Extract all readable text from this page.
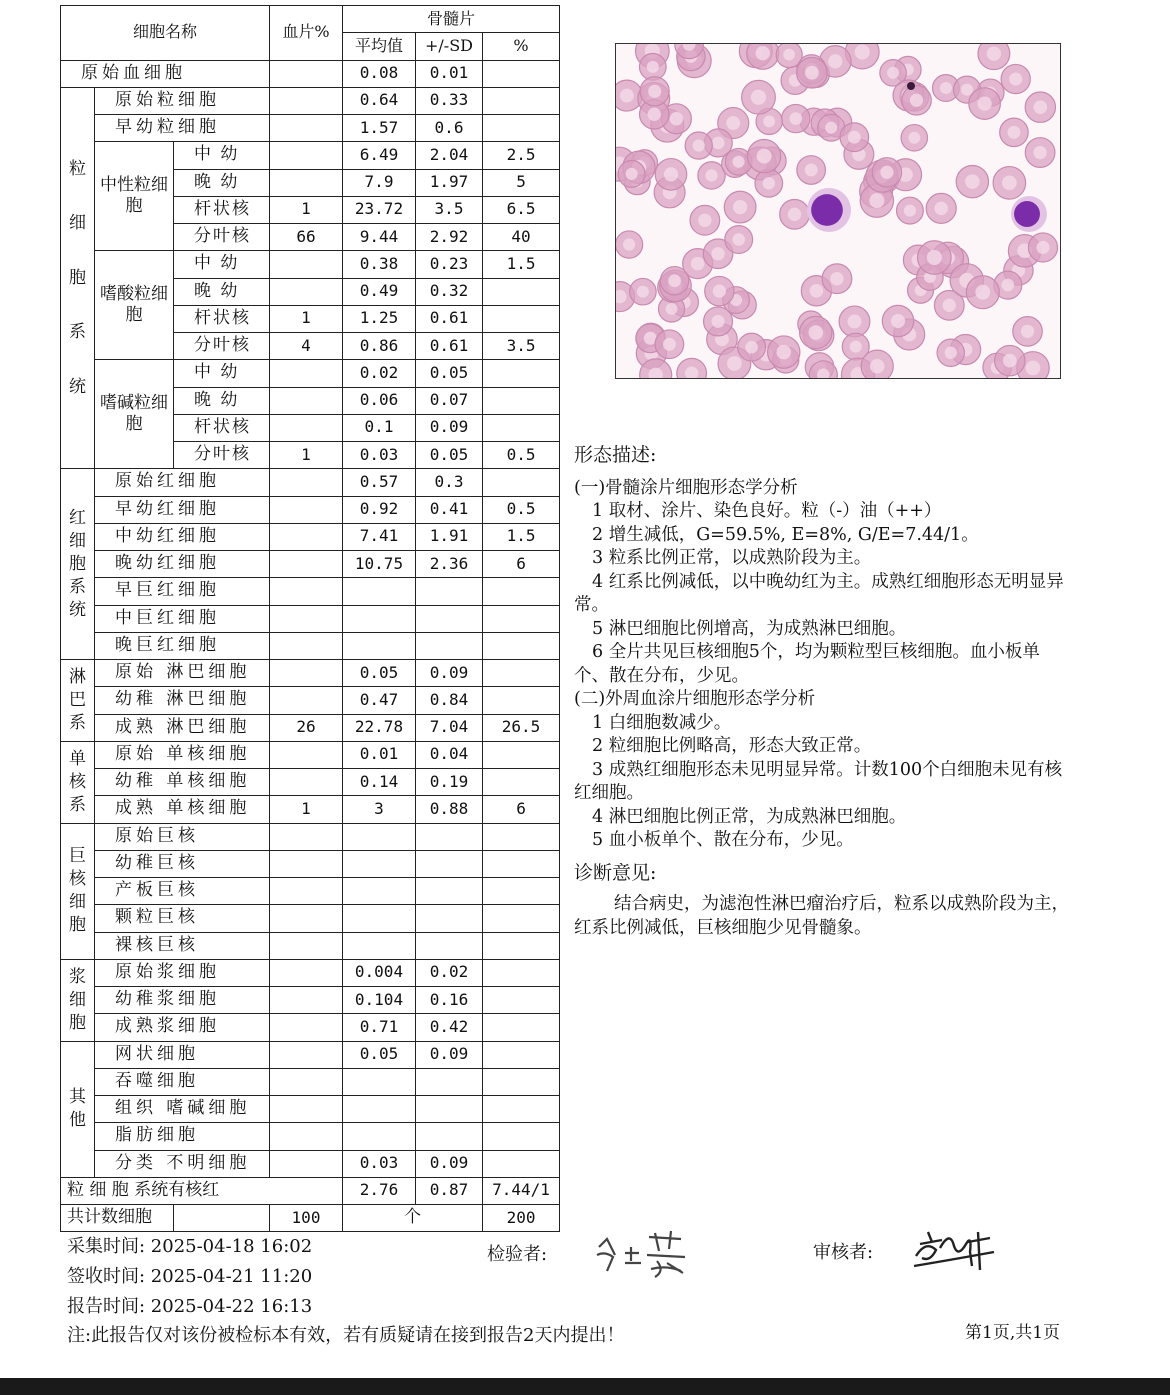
细胞名称			血片%	骨髓片		
				平均值	+/-SD	%
原始血细胞				0.08	0.01	
粒细胞系统	原始粒细胞			0.64	0.33	
	早幼粒细胞			1.57	0.6	
	中性粒细胞	中 幼		6.49	2.04	2.5
		晚 幼		7.9	1.97	5
		杆状核	1	23.72	3.5	6.5
		分叶核	66	9.44	2.92	40
	嗜酸粒细胞	中 幼		0.38	0.23	1.5
		晚 幼		0.49	0.32	
		杆状核	1	1.25	0.61	
		分叶核	4	0.86	0.61	3.5
	嗜碱粒细胞	中 幼		0.02	0.05	
		晚 幼		0.06	0.07	
		杆状核		0.1	0.09	
		分叶核	1	0.03	0.05	0.5
红细胞系统	原始红细胞			0.57	0.3	
	早幼红细胞			0.92	0.41	0.5
	中幼红细胞			7.41	1.91	1.5
	晚幼红细胞			10.75	2.36	6
	早巨红细胞					
	中巨红细胞					
	晚巨红细胞					
淋巴系	原始 淋巴细胞			0.05	0.09	
	幼稚 淋巴细胞			0.47	0.84	
	成熟 淋巴细胞		26	22.78	7.04	26.5
单核系	原始 单核细胞			0.01	0.04	
	幼稚 单核细胞			0.14	0.19	
	成熟 单核细胞		1	3	0.88	6
巨核细胞	原始巨核					
	幼稚巨核					
	产板巨核					
	颗粒巨核					
	裸核巨核					
浆细胞	原始浆细胞			0.004	0.02	
	幼稚浆细胞			0.104	0.16	
	成熟浆细胞			0.71	0.42	
其他	网状细胞			0.05	0.09	
	吞噬细胞					
	组织 嗜碱细胞					
	脂肪细胞					
	分类 不明细胞			0.03	0.09	
粒 细 胞 系统有核红				2.76	0.87	7.44/1
共计数细胞			100	个		200

形态描述:

(一)骨髓涂片细胞形态学分析

1 取材、涂片、染色良好。粒（-）油（++）

2 增生减低，G=59.5%, E=8%, G/E=7.44/1。

3 粒系比例正常，以成熟阶段为主。

4 红系比例减低，以中晚幼红为主。成熟红细胞形态无明显异常。

5 淋巴细胞比例增高，为成熟淋巴细胞。

6 全片共见巨核细胞5个，均为颗粒型巨核细胞。血小板单个、散在分布，少见。

(二)外周血涂片细胞形态学分析

1 白细胞数减少。

2 粒细胞比例略高，形态大致正常。

3 成熟红细胞形态未见明显异常。计数100个白细胞未见有核红细胞。

4 淋巴细胞比例正常，为成熟淋巴细胞。

5 血小板单个、散在分布，少见。

诊断意见:

结合病史，为滤泡性淋巴瘤治疗后，粒系以成熟阶段为主，红系比例减低，巨核细胞少见骨髓象。

采集时间: 2025-04-18 16:02
签收时间: 2025-04-21 11:20
报告时间: 2025-04-22 16:13
注:此报告仅对该份被检标本有效，若有质疑请在接到报告2天内提出！
检验者:	审核者:
第1页,共1页
